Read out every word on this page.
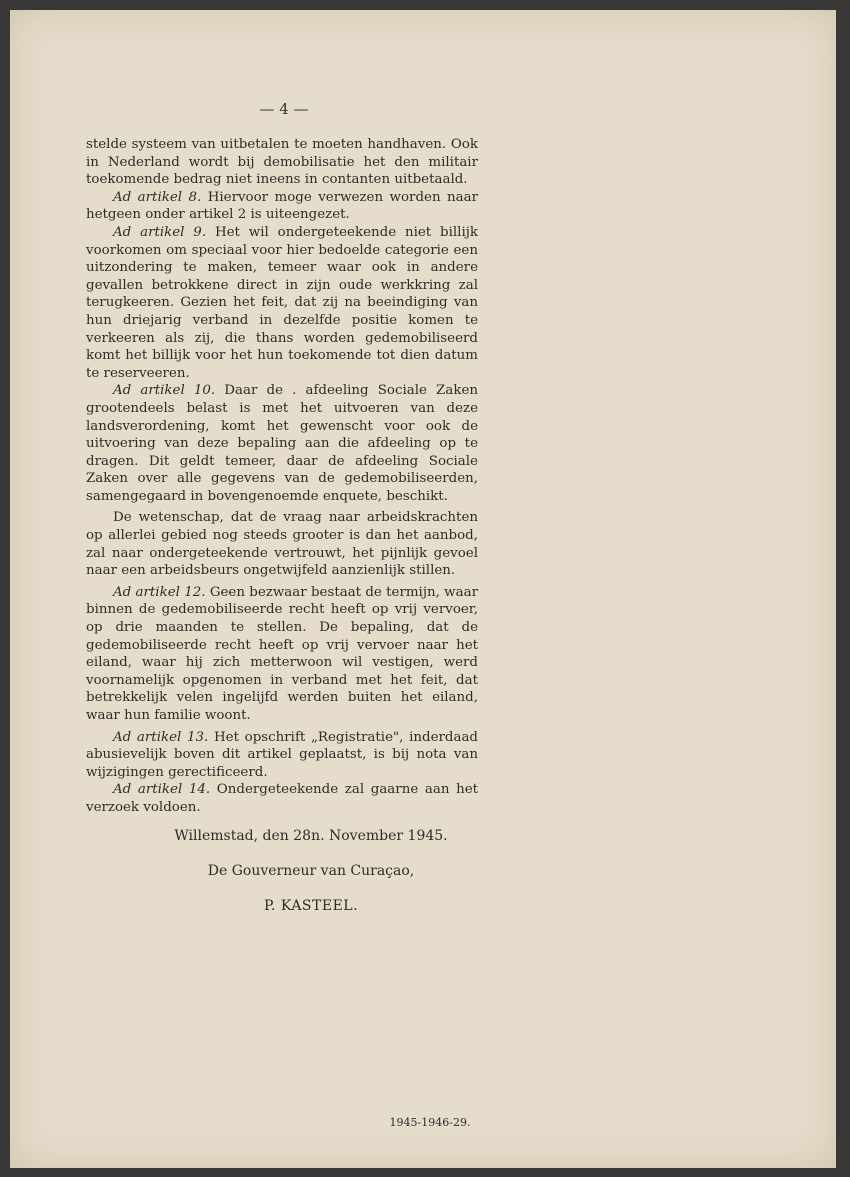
— 4 —

stelde systeem van uitbetalen te moeten handhaven. Ook in Nederland wordt bij demobilisatie het den militair toekomende bedrag niet ineens in contanten uitbetaald.

Ad artikel 8. Hiervoor moge verwezen worden naar hetgeen onder artikel 2 is uiteengezet.

Ad artikel 9. Het wil ondergeteekende niet billijk voorkomen om speciaal voor hier bedoelde categorie een uitzondering te maken, temeer waar ook in andere gevallen betrokkene direct in zijn oude werkkring zal terugkeeren. Gezien het feit, dat zij na beeindiging van hun driejarig verband in dezelfde positie komen te verkeeren als zij, die thans worden gedemobiliseerd komt het billijk voor het hun toekomende tot dien datum te reserveeren.

Ad artikel 10. Daar de . afdeeling Sociale Zaken grootendeels belast is met het uitvoeren van deze landsverordening, komt het gewenscht voor ook de uitvoering van deze bepaling aan die afdeeling op te dragen. Dit geldt temeer, daar de afdeeling Sociale Zaken over alle gegevens van de gedemobiliseerden, samengegaard in bovengenoemde enquete, beschikt.

De wetenschap, dat de vraag naar arbeidskrachten op allerlei gebied nog steeds grooter is dan het aanbod, zal naar ondergeteekende vertrouwt, het pijnlijk gevoel naar een arbeidsbeurs ongetwijfeld aanzienlijk stillen.

Ad artikel 12. Geen bezwaar bestaat de termijn, waar binnen de gedemobiliseerde recht heeft op vrij vervoer, op drie maanden te stellen. De bepaling, dat de gedemobiliseerde recht heeft op vrij vervoer naar het eiland, waar hij zich metterwoon wil vestigen, werd voornamelijk opgenomen in verband met het feit, dat betrekkelijk velen ingelijfd werden buiten het eiland, waar hun familie woont.

Ad artikel 13. Het opschrift „Registratie", inderdaad abusievelijk boven dit artikel geplaatst, is bij nota van wijzigingen gerectificeerd.

Ad artikel 14. Ondergeteekende zal gaarne aan het verzoek voldoen.

Willemstad, den 28n. November 1945.
De Gouverneur van Curaçao,
P. KASTEEL.
1945-1946-29.
